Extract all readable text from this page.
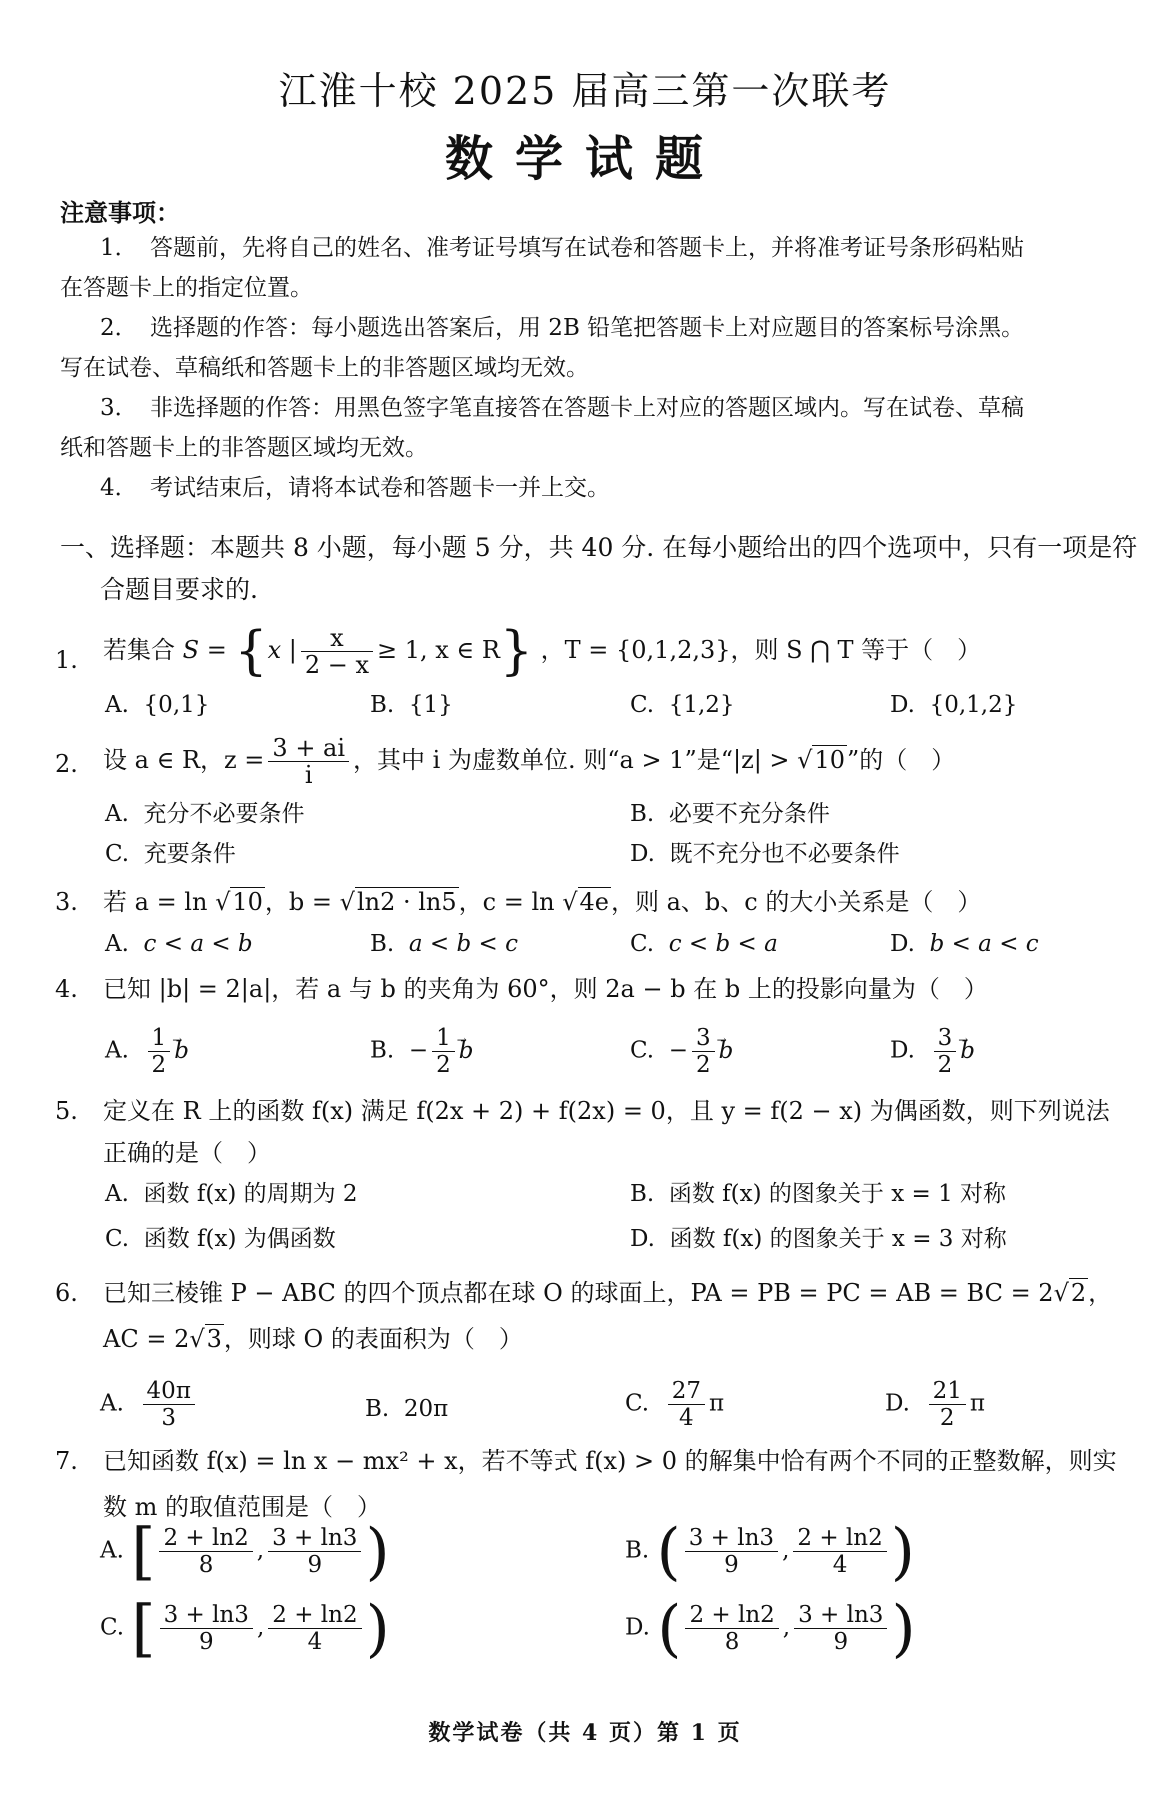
江淮十校 2025 届高三第一次联考
数学试题
注意事项：
1． 答题前，先将自己的姓名、准考证号填写在试卷和答题卡上，并将准考证号条形码粘贴
在答题卡上的指定位置。
2． 选择题的作答：每小题选出答案后，用 2B 铅笔把答题卡上对应题目的答案标号涂黑。
写在试卷、草稿纸和答题卡上的非答题区域均无效。
3． 非选择题的作答：用黑色签字笔直接答在答题卡上对应的答题区域内。写在试卷、草稿
纸和答题卡上的非答题区域均无效。
4． 考试结束后，请将本试卷和答题卡一并上交。
一、选择题：本题共 8 小题，每小题 5 分，共 40 分. 在每小题给出的四个选项中，只有一项是符
合题目要求的.
1.	若集合 S = {x | $\frac{x}{2 - x} \ge 1$, x ∈ R} ，T = {0,1,2,3}，则 S ⋂ T 等于（　）
A. {0,1}	B. {1}	C. {1,2}	D. {0,1,2}
2.	设 a ∈ R，$z = \frac{3 + ai}{i}$ ，其中 i 为虚数单位. 则“a > 1”是“|z| > √10”的（　）
A. 充分不必要条件	B. 必要不充分条件
C. 充要条件	D. 既不充分也不必要条件
3.	若 a = ln √10，b = √ln2 · ln5，c = ln √4e，则 a、b、c 的大小关系是（　）
A. c < a < b	B. a < b < c	C. c < b < a	D. b < a < c
4.	已知 |b| = 2|a|，若 a 与 b 的夹角为 60°，则 2a − b 在 b 上的投影向量为（　）
A. $\frac{1}{2}$
→ b	B. − $\frac{1}{2}$
→ b	C. − $\frac{3}{2}$
→ b	D. $\frac{3}{2}$
→ b
5.	定义在 R 上的函数 f(x) 满足 f(2x + 2) + f(2x) = 0，且 y = f(2 − x) 为偶函数，则下列说法
正确的是（　）
A. 函数 f(x) 的周期为 2	B. 函数 f(x) 的图象关于 x = 1 对称
C. 函数 f(x) 为偶函数	D. 函数 f(x) 的图象关于 x = 3 对称
6.	已知三棱锥 P − ABC 的四个顶点都在球 O 的球面上，PA = PB = PC = AB = BC = 2√2，
AC = 2√3，则球 O 的表面积为（　）
A. $\frac{40\pi}{3}$	B. 20π	C. $\frac{27}{4}$ π	D. $\frac{21}{2}$ π
7.	已知函数 f(x) = ln x − mx² + x，若不等式 f(x) > 0 的解集中恰有两个不同的正整数解，则实
数 m 的取值范围是（　）
A. [ $\frac{2 + \ln 2}{8}$ , $\frac{3 + \ln 3}{9}$ )	B. ( $\frac{3 + \ln 3}{9}$ , $\frac{2 + \ln 2}{4}$ )
C. [ $\frac{3 + \ln 3}{9}$ , $\frac{2 + \ln 2}{4}$ )	D. ( $\frac{2 + \ln 2}{8}$ , $\frac{3 + \ln 3}{9}$ )
数学试卷（共 4 页）第 1 页
